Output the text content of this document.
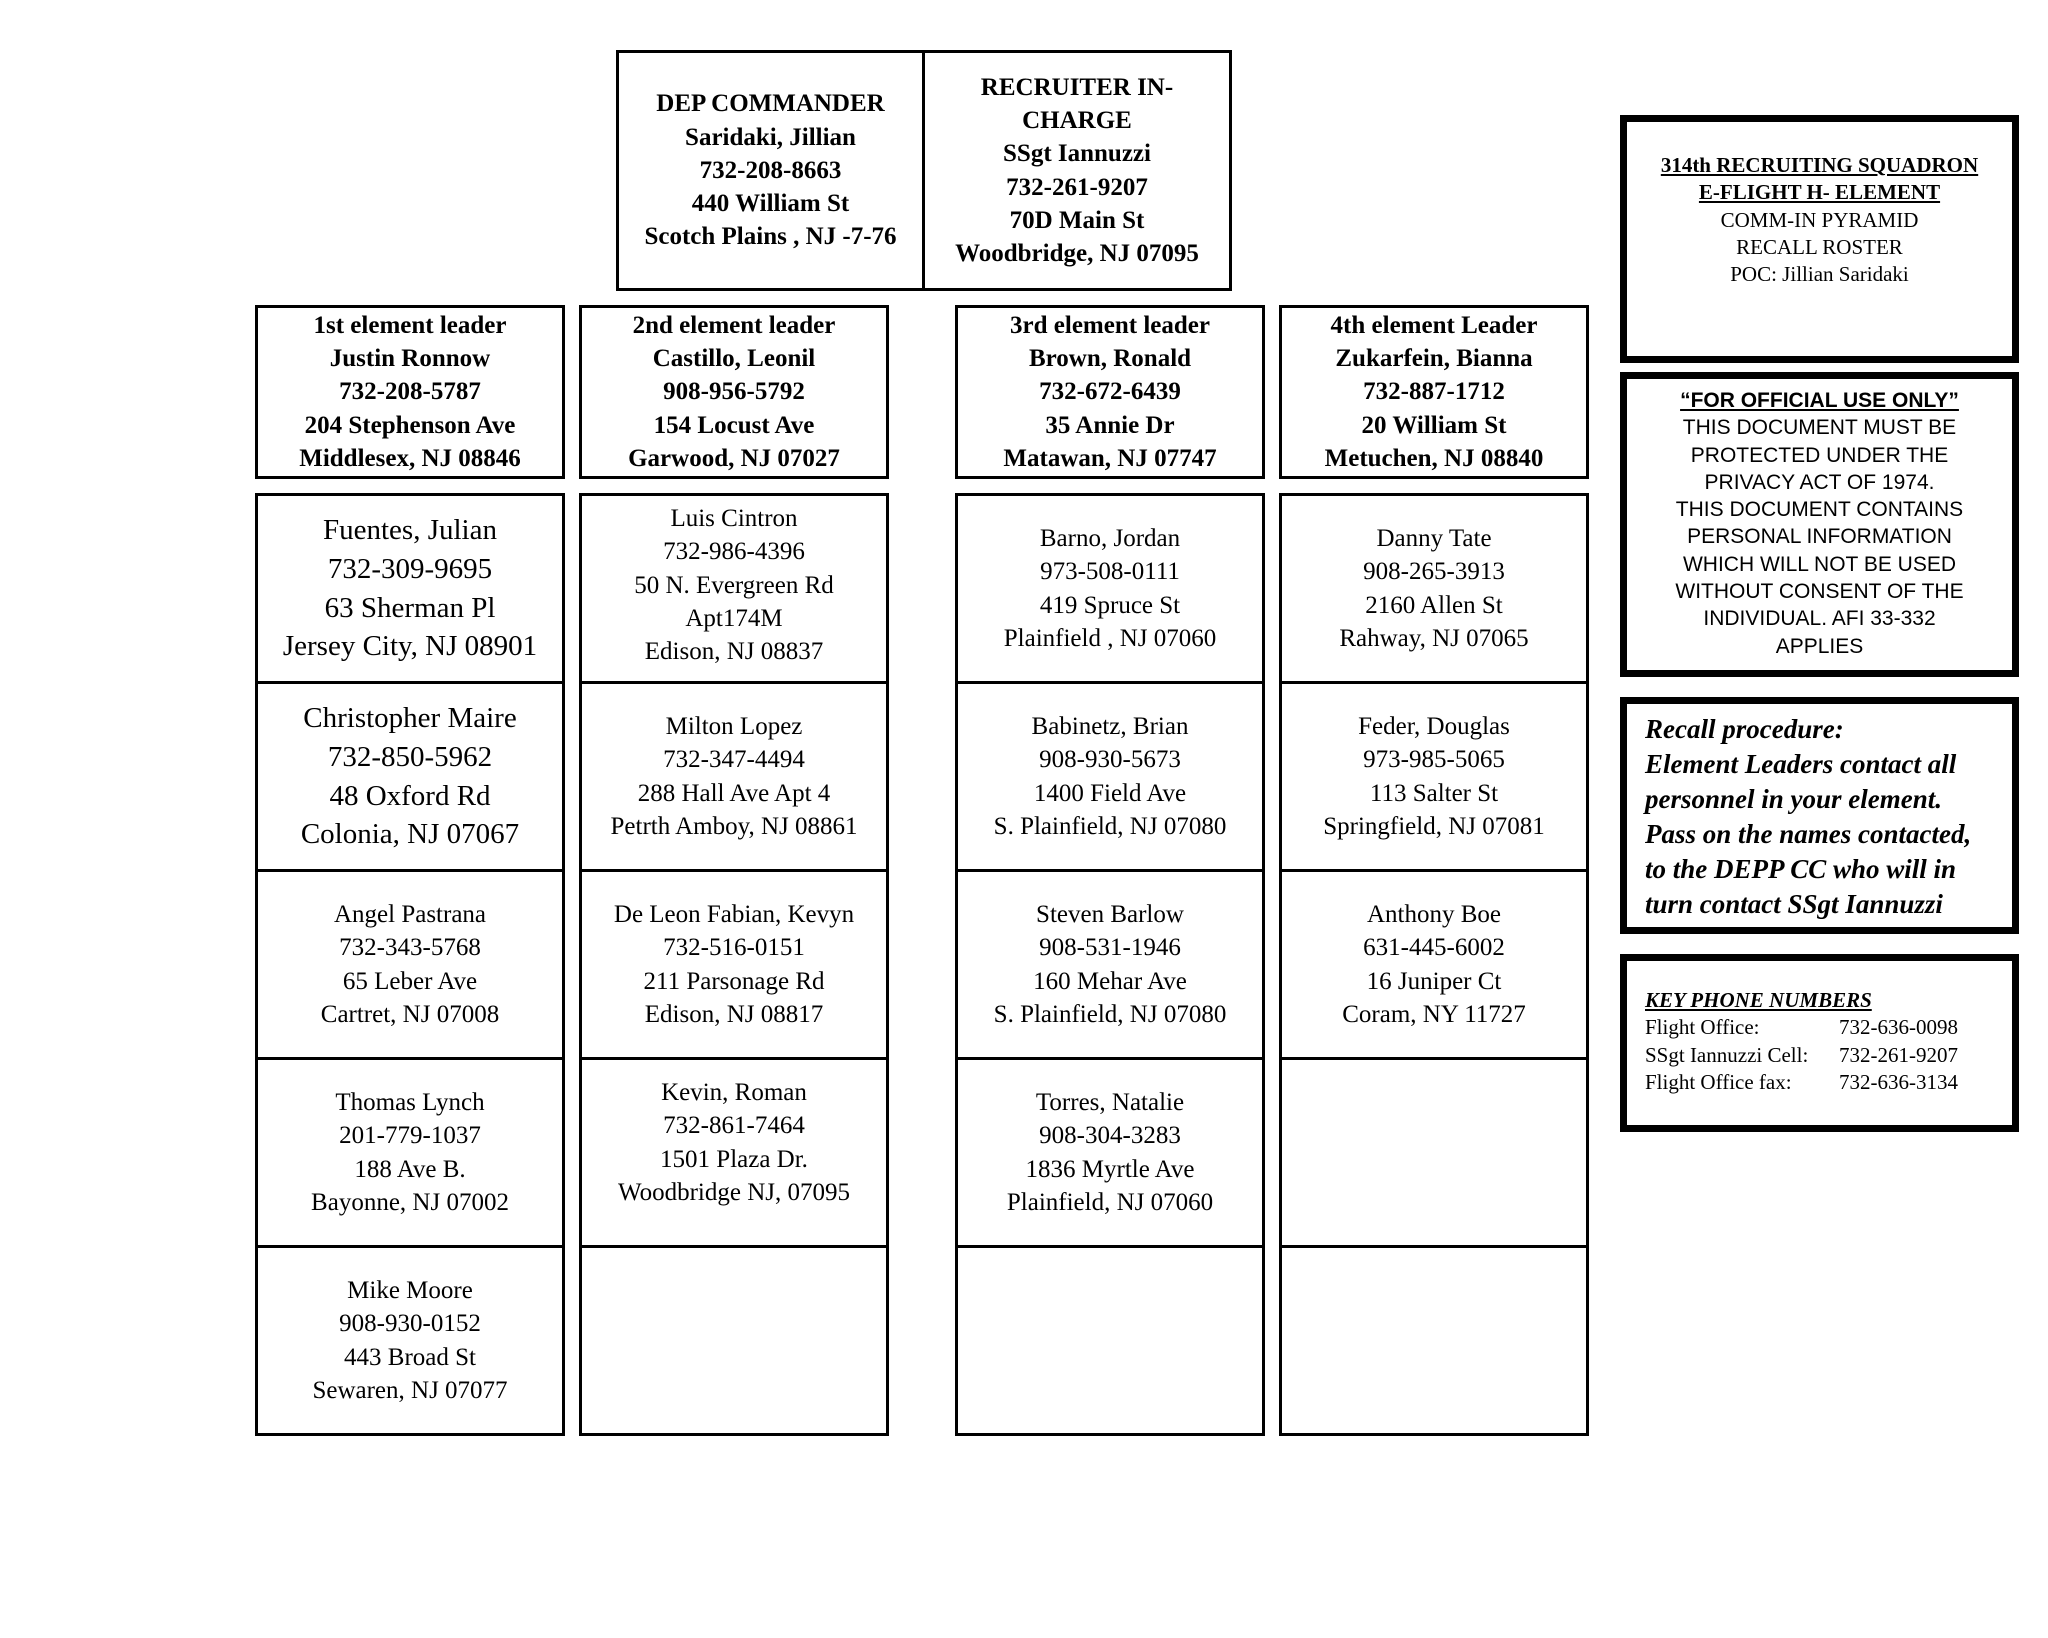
DEP COMMANDER
Saridaki, Jillian
732-208-8663
440 William St
Scotch Plains , NJ -7-76
RECRUITER IN-
CHARGE
SSgt Iannuzzi
732-261-9207
70D Main St
Woodbridge, NJ 07095
1st element leader
Justin Ronnow
732-208-5787
204 Stephenson Ave
Middlesex, NJ 08846
2nd element leader
Castillo, Leonil
908-956-5792
154 Locust Ave
Garwood, NJ 07027
3rd element leader
Brown, Ronald
732-672-6439
35 Annie Dr
Matawan, NJ 07747
4th element Leader
Zukarfein, Bianna
732-887-1712
20 William St
Metuchen, NJ 08840
Fuentes, Julian
732-309-9695
63 Sherman Pl
Jersey City, NJ 08901
Christopher Maire
732-850-5962
48 Oxford Rd
Colonia, NJ 07067
Angel Pastrana
732-343-5768
65 Leber Ave
Cartret, NJ 07008
Thomas Lynch
201-779-1037
188 Ave B.
Bayonne, NJ 07002
Mike Moore
908-930-0152
443 Broad St
Sewaren, NJ 07077
Luis Cintron
732-986-4396
50 N. Evergreen Rd
Apt174M
Edison, NJ 08837
Milton Lopez
732-347-4494
288 Hall Ave Apt 4
Petrth Amboy, NJ 08861
De Leon Fabian, Kevyn
732-516-0151
211 Parsonage Rd
Edison, NJ 08817
Kevin, Roman
732-861-7464
1501 Plaza Dr.
Woodbridge NJ, 07095
Barno, Jordan
973-508-0111
419 Spruce St
Plainfield , NJ 07060
Babinetz, Brian
908-930-5673
1400 Field Ave
S. Plainfield, NJ 07080
Steven Barlow
908-531-1946
160 Mehar Ave
S. Plainfield, NJ 07080
Torres, Natalie
908-304-3283
1836 Myrtle Ave
Plainfield, NJ 07060
Danny Tate
908-265-3913
2160 Allen St
Rahway, NJ 07065
Feder, Douglas
973-985-5065
113 Salter St
Springfield, NJ 07081
Anthony Boe
631-445-6002
16 Juniper Ct
Coram, NY 11727
314th RECRUITING SQUADRON
E-FLIGHT H- ELEMENT
COMM-IN PYRAMID
RECALL ROSTER
POC: Jillian Saridaki
“FOR OFFICIAL USE ONLY”
THIS DOCUMENT MUST BE
PROTECTED UNDER THE
PRIVACY ACT OF 1974.
THIS DOCUMENT CONTAINS
PERSONAL INFORMATION
WHICH WILL NOT BE USED
WITHOUT CONSENT OF THE
INDIVIDUAL. AFI 33-332
APPLIES
Recall procedure:
Element Leaders contact all
personnel in your element.
Pass on the names contacted,
to the DEPP CC who will in
turn contact SSgt Iannuzzi
KEY PHONE NUMBERS
Flight Office:	732-636-0098
SSgt Iannuzzi Cell:	732-261-9207
Flight Office fax:	732-636-3134
